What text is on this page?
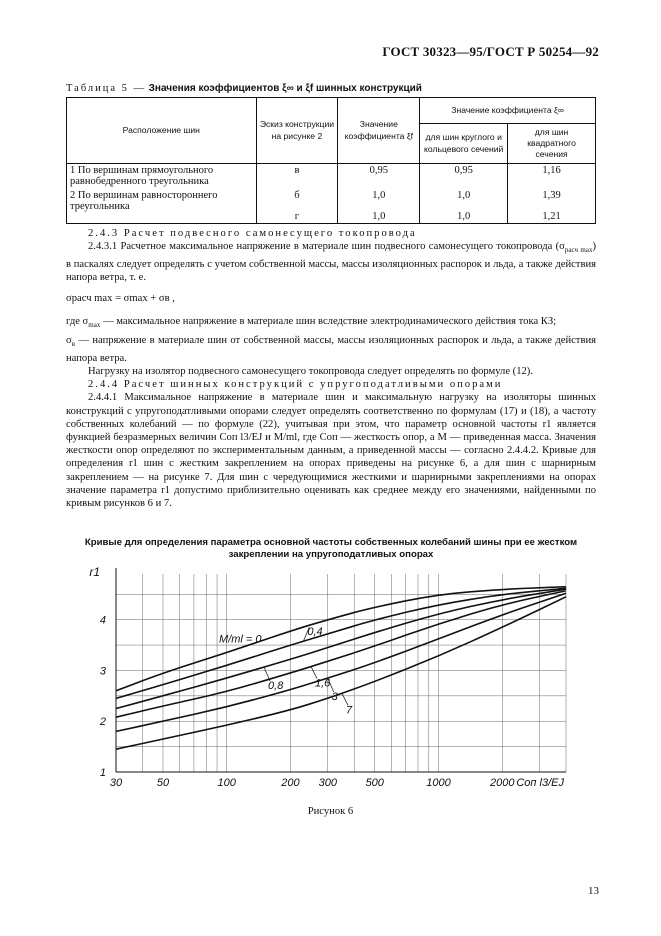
ГОСТ 30323—95/ГОСТ Р 50254—92
Таблица 5 — Значения коэффициентов ξ∞ и ξf шинных конструкций
Расположение шин	Эскиз конструкции на рисунке 2	Значение коэффициента ξf	Значение коэффициента ξ∞	
			для шин круглого и кольцевого сечений	для шин квадратного сечения
1 По вершинам прямоугольного равнобедренного треугольника	в	0,95	0,95	1,16
2 По вершинам равностороннего треугольника	б	1,0	1,0	1,39
	г	1,0	1,0	1,21

2.4.3 Расчет подвесного самонесущего токопровода

2.4.3.1 Расчетное максимальное напряжение в материале шин подвесного самонесущего токопровода $(\sigma_{расч max})$ в паскалях следует определять с учетом собственной массы, массы изоляционных распорок и льда, а также действия напора ветра, т. е.

σрасч max = σmax + σв ,

где $\sigma_{max}$ — максимальное напряжение в материале шин вследствие электродинамического действия тока КЗ;

$\sigma_в$ — напряжение в материале шин от собственной массы, массы изоляционных распорок и льда, а также действия напора ветра.

Нагрузку на изолятор подвесного самонесущего токопровода следует определять по формуле (12).

2.4.4 Расчет шинных конструкций с упругоподатливыми опорами

2.4.4.1 Максимальное напряжение в материале шин и максимальную нагрузку на изоляторы шинных конструкций с упругоподатливыми опорами следует определять соответственно по формулам (17) и (18), а частоту собственных колебаний — по формуле (22), учитывая при этом, что параметр основной частоты r1 является функцией безразмерных величин Cоп l3/EJ и M/ml, где Cоп — жесткость опор, а M — приведенная масса. Значения жесткости опор определяют по экспериментальным данным, а приведенной массы — согласно 2.4.4.2. Кривые для определения r1 шин с жестким закреплением на опорах приведены на рисунке 6, а для шин с шарнирным закреплением — на рисунке 7. Для шин с чередующимися жесткими и шарнирными закреплениями на опорах значение параметра r1 допустимо приблизительно оценивать как среднее между его значениями, найденными по кривым рисунков 6 и 7.

Кривые для определения параметра основной частоты собственных колебаний шины при ее жестком закреплении на упругоподатливых опорах
M/ml = 0
0,4
0,8	1,6
3
7
30	50	100	200 300	500	1000	2000
1
2
3
4
r1
Cоп l3/EJ
Рисунок 6
13
